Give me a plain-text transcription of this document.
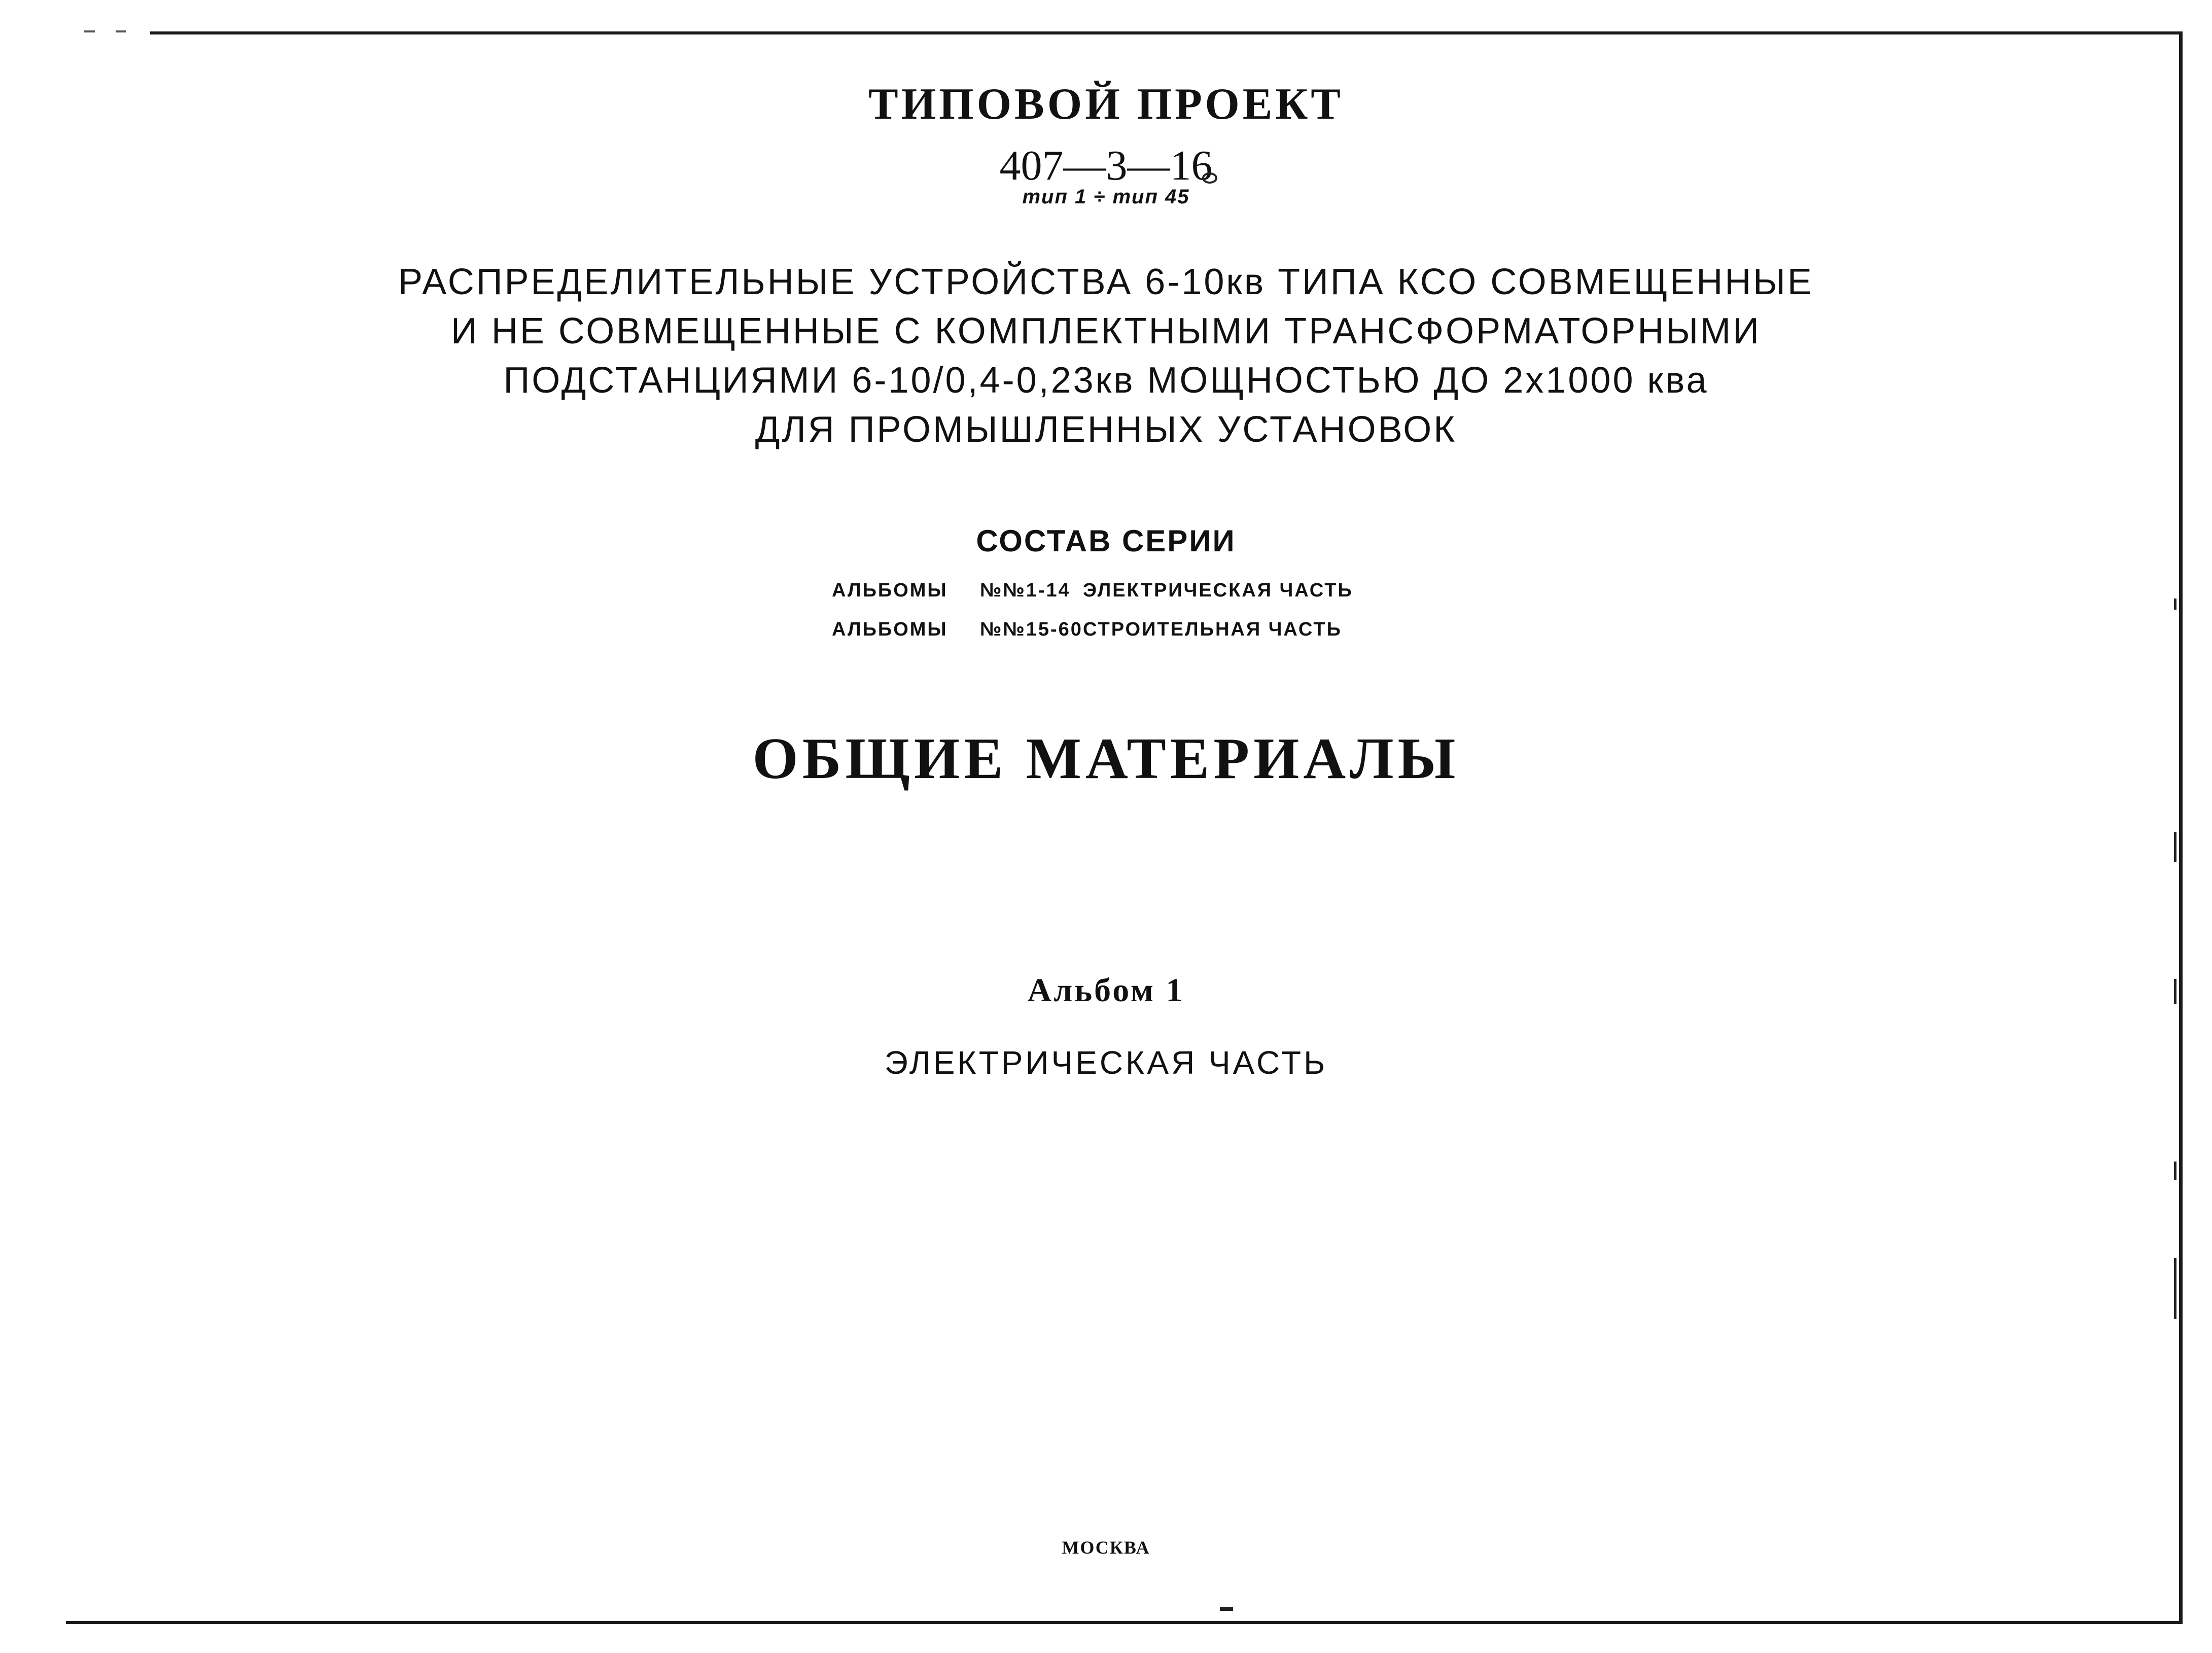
ТИПОВОЙ ПРОЕКТ
407—3—16
тип 1 ÷ тип 45
РАСПРЕДЕЛИТЕЛЬНЫЕ УСТРОЙСТВА 6-10кв ТИПА КСО СОВМЕЩЕННЫЕ
И НЕ СОВМЕЩЕННЫЕ С КОМПЛЕКТНЫМИ ТРАНСФОРМАТОРНЫМИ
ПОДСТАНЦИЯМИ 6-10/0,4-0,23кв МОЩНОСТЬЮ ДО 2х1000 ква
ДЛЯ ПРОМЫШЛЕННЫХ УСТАНОВОК
СОСТАВ СЕРИИ
АЛЬБОМЫ №№1-14 ЭЛЕКТРИЧЕСКАЯ ЧАСТЬ
АЛЬБОМЫ №№15-60 СТРОИТЕЛЬНАЯ ЧАСТЬ
ОБЩИЕ МАТЕРИАЛЫ
Альбом 1
ЭЛЕКТРИЧЕСКАЯ ЧАСТЬ
МОСКВА
